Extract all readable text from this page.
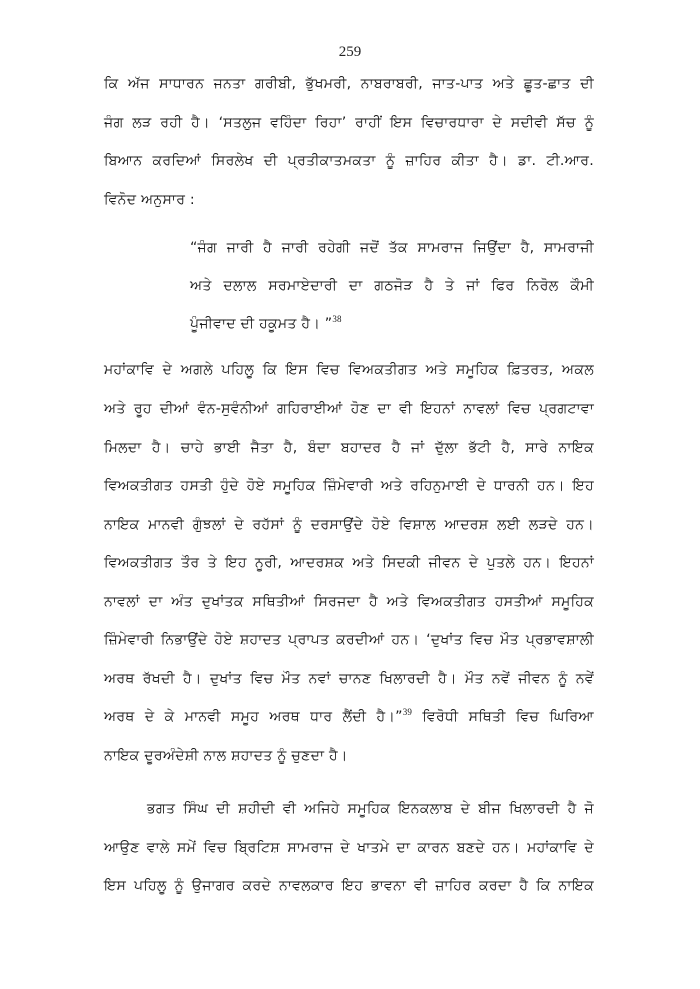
259
ਕਿ ਅੱਜ ਸਾਧਾਰਨ ਜਨਤਾ ਗਰੀਬੀ, ਭੁੱਖਮਰੀ, ਨਾਬਰਾਬਰੀ, ਜਾਤ-ਪਾਤ ਅਤੇ ਛੂਤ-ਛਾਤ ਦੀ
ਜੰਗ ਲੜ ਰਹੀ ਹੈ। ‘ਸਤਲੁਜ ਵਹਿੰਦਾ ਰਿਹਾ’ ਰਾਹੀਂ ਇਸ ਵਿਚਾਰਧਾਰਾ ਦੇ ਸਦੀਵੀ ਸੱਚ ਨੂੰ
ਬਿਆਨ ਕਰਦਿਆਂ ਸਿਰਲੇਖ ਦੀ ਪ੍ਰਤੀਕਾਤਮਕਤਾ ਨੂੰ ਜ਼ਾਹਿਰ ਕੀਤਾ ਹੈ। ਡਾ. ਟੀ.ਆਰ.
ਵਿਨੋਦ ਅਨੁਸਾਰ :
“ਜੰਗ ਜਾਰੀ ਹੈ ਜਾਰੀ ਰਹੇਗੀ ਜਦੋਂ ਤੱਕ ਸਾਮਰਾਜ ਜਿਉਂਦਾ ਹੈ, ਸਾਮਰਾਜੀ
ਅਤੇ ਦਲਾਲ ਸਰਮਾਏਦਾਰੀ ਦਾ ਗਠਜੋੜ ਹੈ ਤੇ ਜਾਂ ਫਿਰ ਨਿਰੋਲ ਕੌਮੀ
ਪੂੰਜੀਵਾਦ ਦੀ ਹਕੂਮਤ ਹੈ। ”$^{38}$
ਮਹਾਂਕਾਵਿ ਦੇ ਅਗਲੇ ਪਹਿਲੂ ਕਿ ਇਸ ਵਿਚ ਵਿਅਕਤੀਗਤ ਅਤੇ ਸਮੂਹਿਕ ਫ਼ਿਤਰਤ, ਅਕਲ
ਅਤੇ ਰੂਹ ਦੀਆਂ ਵੰਨ-ਸੁਵੰਨੀਆਂ ਗਹਿਰਾਈਆਂ ਹੋਣ ਦਾ ਵੀ ਇਹਨਾਂ ਨਾਵਲਾਂ ਵਿਚ ਪ੍ਰਗਟਾਵਾ
ਮਿਲਦਾ ਹੈ। ਚਾਹੇ ਭਾਈ ਜੈਤਾ ਹੈ, ਬੰਦਾ ਬਹਾਦਰ ਹੈ ਜਾਂ ਦੁੱਲਾ ਭੱਟੀ ਹੈ, ਸਾਰੇ ਨਾਇਕ
ਵਿਅਕਤੀਗਤ ਹਸਤੀ ਹੁੰਦੇ ਹੋਏ ਸਮੂਹਿਕ ਜ਼ਿੰਮੇਵਾਰੀ ਅਤੇ ਰਹਿਨੁਮਾਈ ਦੇ ਧਾਰਨੀ ਹਨ। ਇਹ
ਨਾਇਕ ਮਾਨਵੀ ਗੁੰਝਲਾਂ ਦੇ ਰਹੱਸਾਂ ਨੂੰ ਦਰਸਾਉਂਦੇ ਹੋਏ ਵਿਸ਼ਾਲ ਆਦਰਸ਼ ਲਈ ਲੜਦੇ ਹਨ।
ਵਿਅਕਤੀਗਤ ਤੌਰ ਤੇ ਇਹ ਨੂਰੀ, ਆਦਰਸ਼ਕ ਅਤੇ ਸਿਦਕੀ ਜੀਵਨ ਦੇ ਪੁਤਲੇ ਹਨ। ਇਹਨਾਂ
ਨਾਵਲਾਂ ਦਾ ਅੰਤ ਦੁਖਾਂਤਕ ਸਥਿਤੀਆਂ ਸਿਰਜਦਾ ਹੈ ਅਤੇ ਵਿਅਕਤੀਗਤ ਹਸਤੀਆਂ ਸਮੂਹਿਕ
ਜ਼ਿੰਮੇਵਾਰੀ ਨਿਭਾਉਂਦੇ ਹੋਏ ਸ਼ਹਾਦਤ ਪ੍ਰਾਪਤ ਕਰਦੀਆਂ ਹਨ। ‘ਦੁਖਾਂਤ ਵਿਚ ਮੌਤ ਪ੍ਰਭਾਵਸ਼ਾਲੀ
ਅਰਥ ਰੱਖਦੀ ਹੈ। ਦੁਖਾਂਤ ਵਿਚ ਮੌਤ ਨਵਾਂ ਚਾਨਣ ਖਿਲਾਰਦੀ ਹੈ। ਮੌਤ ਨਵੇਂ ਜੀਵਨ ਨੂੰ ਨਵੇਂ
ਅਰਥ ਦੇ ਕੇ ਮਾਨਵੀ ਸਮੂਹ ਅਰਥ ਧਾਰ ਲੈਂਦੀ ਹੈ।”$^{39}$ ਵਿਰੋਧੀ ਸਥਿਤੀ ਵਿਚ ਘਿਰਿਆ
ਨਾਇਕ ਦੂਰਅੰਦੇਸ਼ੀ ਨਾਲ ਸ਼ਹਾਦਤ ਨੂੰ ਚੁਣਦਾ ਹੈ।
ਭਗਤ ਸਿੰਘ ਦੀ ਸ਼ਹੀਦੀ ਵੀ ਅਜਿਹੇ ਸਮੂਹਿਕ ਇਨਕਲਾਬ ਦੇ ਬੀਜ ਖਿਲਾਰਦੀ ਹੈ ਜੋ
ਆਉਣ ਵਾਲੇ ਸਮੇਂ ਵਿਚ ਬ੍ਰਿਟਿਸ਼ ਸਾਮਰਾਜ ਦੇ ਖਾਤਮੇ ਦਾ ਕਾਰਨ ਬਣਦੇ ਹਨ। ਮਹਾਂਕਾਵਿ ਦੇ
ਇਸ ਪਹਿਲੂ ਨੂੰ ਉਜਾਗਰ ਕਰਦੇ ਨਾਵਲਕਾਰ ਇਹ ਭਾਵਨਾ ਵੀ ਜ਼ਾਹਿਰ ਕਰਦਾ ਹੈ ਕਿ ਨਾਇਕ
